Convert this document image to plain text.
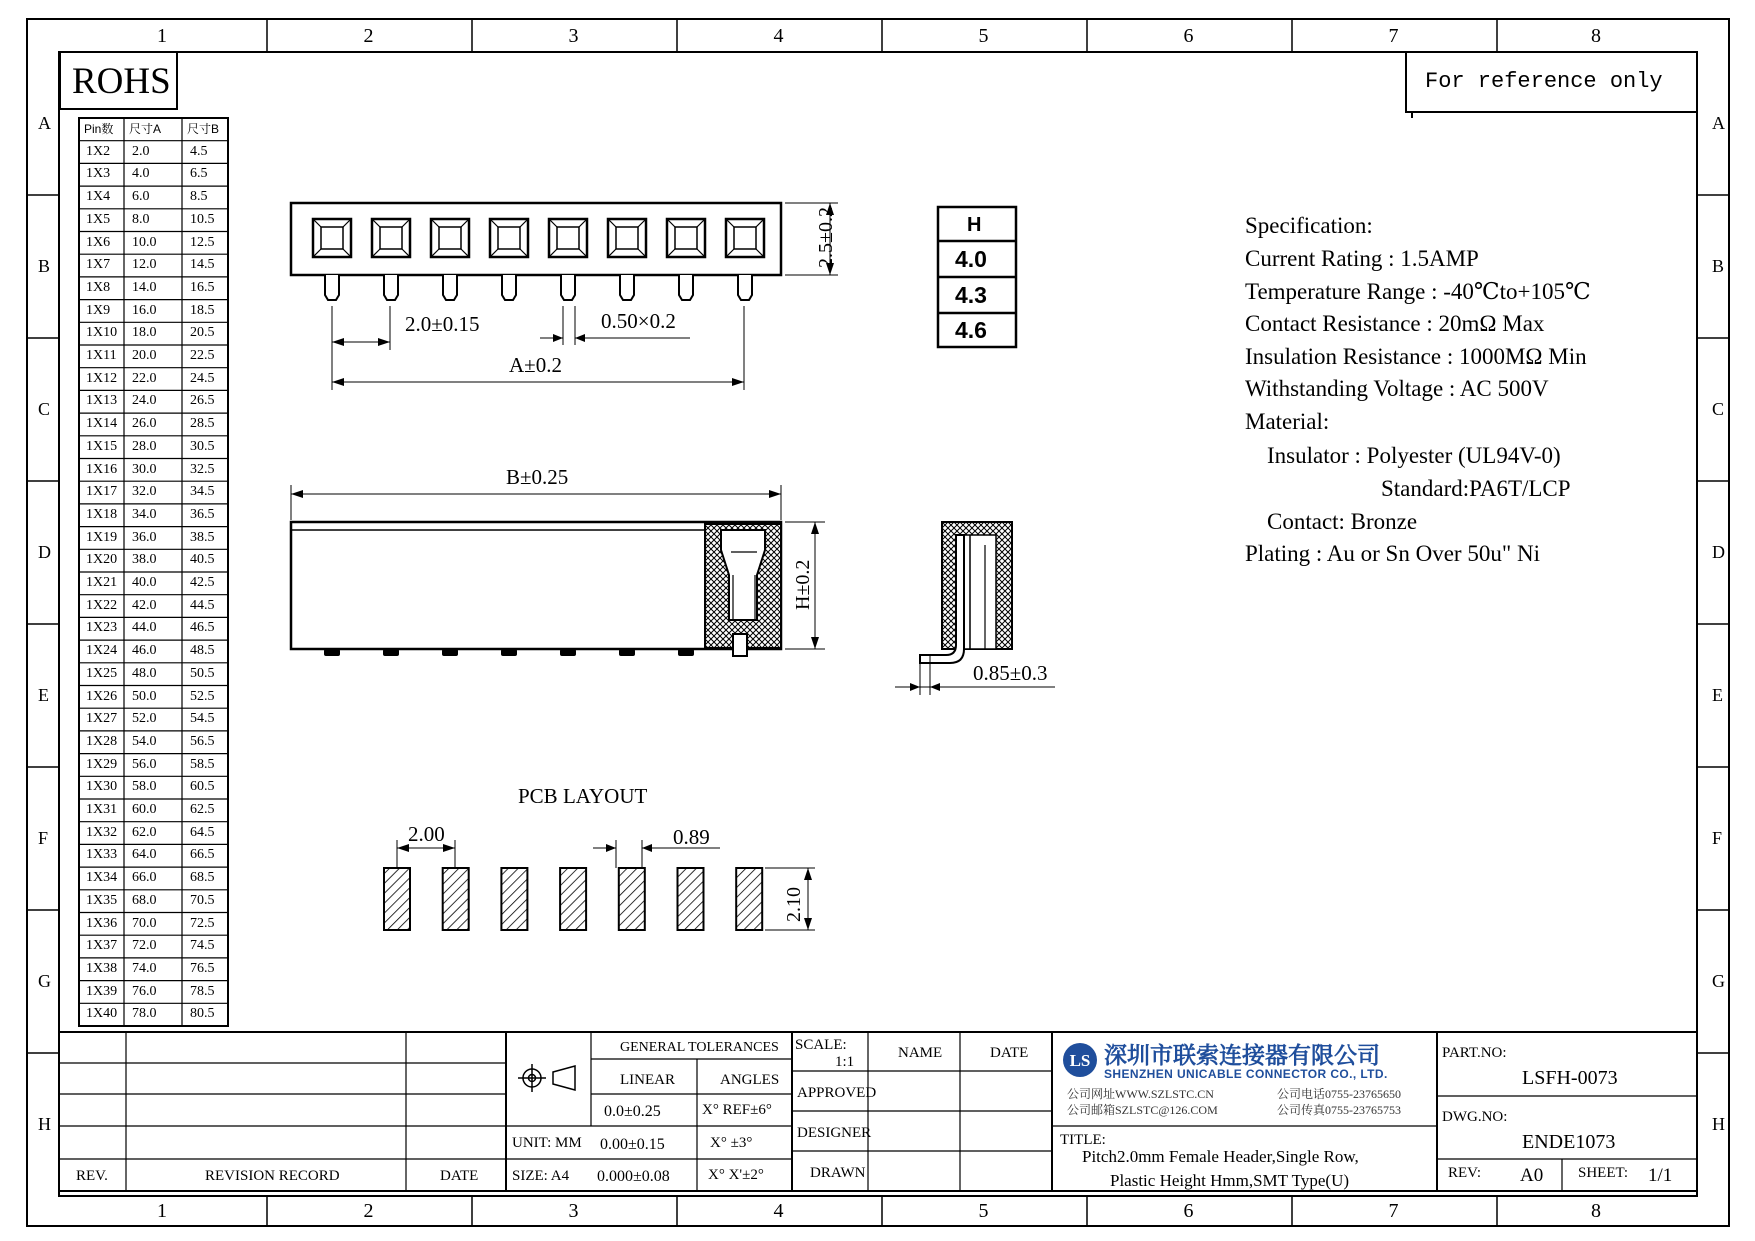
LS
1
1
2
2
3
3
4
4
5
5
6
6
7
7
8
8
A	A
B	B
C	C
D	D
E	E
F	F
G	G
H	H
ROHS	For reference only
Pin数 尺寸A 尺寸B
1X2 2.0	4.5
1X3 4.0	6.5
1X4 6.0	8.5
1X5 8.0	10.5
1X6 10.0 12.5
1X7 12.0 14.5
1X8 14.0 16.5
1X9 16.0 18.5
1X10 18.0 20.5
1X11 20.0 22.5
1X12 22.0 24.5
1X13 24.0 26.5
1X14 26.0 28.5
1X15 28.0 30.5
1X16 30.0 32.5
1X17 32.0 34.5
1X18 34.0 36.5
1X19 36.0 38.5
1X20 38.0 40.5
1X21 40.0 42.5
1X22 42.0 44.5
1X23 44.0 46.5
1X24 46.0 48.5
1X25 48.0 50.5
1X26 50.0 52.5
1X27 52.0 54.5
1X28 54.0 56.5
1X29 56.0 58.5
1X30 58.0 60.5
1X31 60.0 62.5
1X32 62.0 64.5
1X33 64.0 66.5
1X34 66.0 68.5
1X35 68.0 70.5
1X36 70.0 72.5
1X37 72.0 74.5
1X38 74.0 76.5
1X39 76.0 78.5
1X40 78.0 80.5
2.5±0.2
2.0±0.15	0.50×0.2
A±0.2
H
4.0
4.3
4.6
B±0.25
H±0.2
0.85±0.3
PCB LAYOUT
2.00	0.89
2.10
Specification:
Current Rating : 1.5AMP
Temperature Range : -40℃to+105℃
Contact Resistance : 20mΩ Max
Insulation Resistance : 1000MΩ Min
Withstanding Voltage : AC 500V
Material:
Insulator : Polyester (UL94V-0)
Standard:PA6T/LCP
Contact: Bronze
Plating : Au or Sn Over 50u" Ni
REV.	REVISION RECORD	DATE
UNIT: MM
SIZE: A4
GENERAL TOLERANCES
LINEAR	ANGLES
0.0±0.25
0.00±0.15
0.000±0.08
X° REF±6°
X° ±3°
X° X'±2°
SCALE:
1:1
NAME	DATE
APPROVED
DESIGNER
DRAWN
深圳市联索连接器有限公司
SHENZHEN UNICABLE CONNECTOR CO., LTD.
公司网址WWW.SZLSTC.CN
公司邮箱SZLSTC@126.COM
公司电话0755-23765650
公司传真0755-23765753
TITLE:
Pitch2.0mm Female Header,Single Row,
Plastic Height Hmm,SMT Type(U)
PART.NO:
LSFH-0073
DWG.NO:
ENDE1073
REV: A0 SHEET: 1/1
